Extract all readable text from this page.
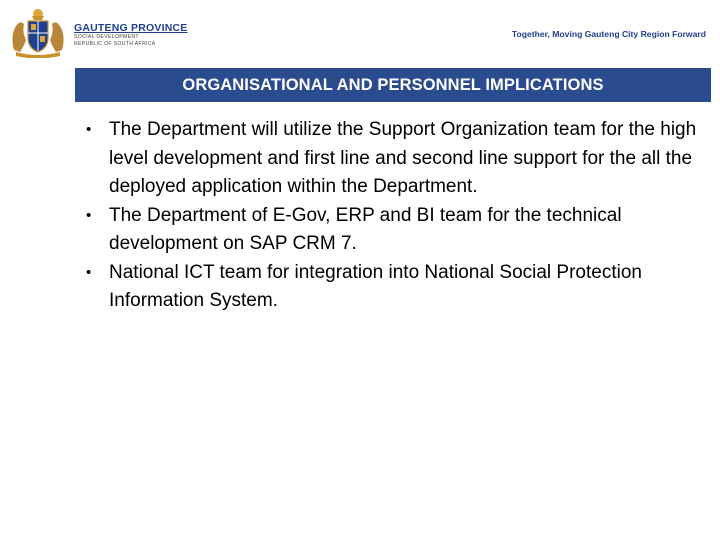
GAUTENG PROVINCE
SOCIAL DEVELOPMENT
REPUBLIC OF SOUTH AFRICA
Together, Moving Gauteng City Region Forward
ORGANISATIONAL AND PERSONNEL IMPLICATIONS
• The Department will utilize the Support Organization team for the high level development and first line and second line support for the all the deployed application within the Department.
• The Department of E-Gov, ERP and BI team for the technical development on SAP CRM 7.
• National ICT team for integration into National Social Protection Information System.
